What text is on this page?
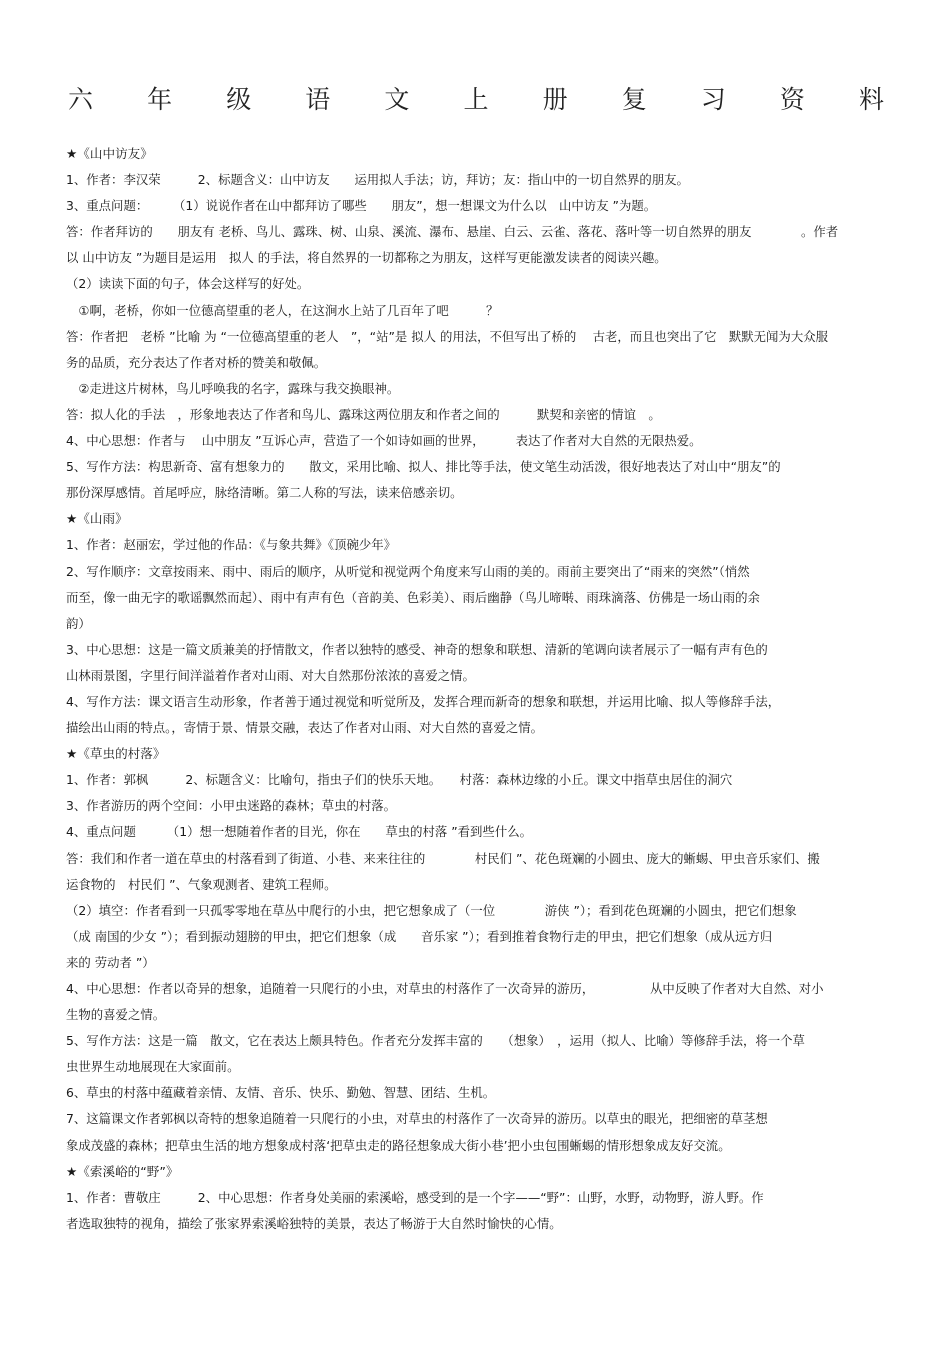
六 年 级 语 文 上 册 复 习 资 料
★《山中访友》
1、作者：李汉荣　　　2、标题含义：山中访友　　运用拟人手法；访，拜访；友：指山中的一切自然界的朋友。
3、重点问题：　　　（1）说说作者在山中都拜访了哪些　　朋友”，想一想课文为什么以　山中访友 ”为题。
答：作者拜访的　　朋友有 老桥、鸟儿、露珠、树、山泉、溪流、瀑布、悬崖、白云、云雀、落花、落叶等一切自然界的朋友　　　　。作者
以 山中访友 ”为题目是运用　拟人 的手法，将自然界的一切都称之为朋友，这样写更能激发读者的阅读兴趣。
（2）读读下面的句子，体会这样写的好处。
　①啊，老桥，你如一位德高望重的老人，在这涧水上站了几百年了吧　　　？
答：作者把　老桥 ”比喻 为 “一位德高望重的老人　”，“站”是 拟人 的用法，不但写出了桥的　 古老，而且也突出了它　默默无闻为大众服
务的品质，充分表达了作者对桥的赞美和敬佩。
　②走进这片树林，鸟儿呼唤我的名字，露珠与我交换眼神。
答：拟人化的手法　，形象地表达了作者和鸟儿、露珠这两位朋友和作者之间的　　　默契和亲密的情谊　。
4、中心思想：作者与　 山中朋友 ”互诉心声，营造了一个如诗如画的世界，　　　表达了作者对大自然的无限热爱。
5、写作方法：构思新奇、富有想象力的　　散文，采用比喻、拟人、排比等手法，使文笔生动活泼，很好地表达了对山中“朋友”的
那份深厚感情。首尾呼应，脉络清晰。第二人称的写法，读来倍感亲切。
★《山雨》
1、作者：赵丽宏，学过他的作品：《与象共舞》《顶碗少年》
2、写作顺序：文章按雨来、雨中、雨后的顺序，从听觉和视觉两个角度来写山雨的美的。雨前主要突出了“雨来的突然”（悄然
而至，像一曲无字的歌谣飘然而起）、雨中有声有色（音韵美、色彩美）、雨后幽静（鸟儿啼啭、雨珠滴落、仿佛是一场山雨的余
韵）
3、中心思想：这是一篇文质兼美的抒情散文，作者以独特的感受、神奇的想象和联想、清新的笔调向读者展示了一幅有声有色的
山林雨景图，字里行间洋溢着作者对山雨、对大自然那份浓浓的喜爱之情。
4、写作方法：课文语言生动形象，作者善于通过视觉和听觉所及，发挥合理而新奇的想象和联想，并运用比喻、拟人等修辞手法，
描绘出山雨的特点。，寄情于景、情景交融，表达了作者对山雨、对大自然的喜爱之情。
★《草虫的村落》
1、作者：郭枫　　　2、标题含义：比喻句，指虫子们的快乐天地。　　村落：森林边缘的小丘。课文中指草虫居住的洞穴
3、作者游历的两个空间：小甲虫迷路的森林；草虫的村落。
4、重点问题　　　（1）想一想随着作者的目光，你在　　草虫的村落 ”看到些什么。
答：我们和作者一道在草虫的村落看到了街道、小巷、来来往往的　　　　村民们 ”、花色斑斓的小圆虫、庞大的蜥蜴、甲虫音乐家们、搬
运食物的　村民们 ”、气象观测者、建筑工程师。
（2）填空：作者看到一只孤零零地在草丛中爬行的小虫，把它想象成了（一位　　　　游侠 ”）；看到花色斑斓的小圆虫，把它们想象
（成 南国的少女 ”）；看到振动翅膀的甲虫，把它们想象（成　　音乐家 ”）；看到推着食物行走的甲虫，把它们想象（成从远方归
来的 劳动者 ”）
4、中心思想：作者以奇异的想象，追随着一只爬行的小虫，对草虫的村落作了一次奇异的游历，　　　　　从中反映了作者对大自然、对小
生物的喜爱之情。
5、写作方法：这是一篇　散文，它在表达上颇具特色。作者充分发挥丰富的　　（想象）　，运用（拟人、比喻）等修辞手法，将一个草
虫世界生动地展现在大家面前。
6、草虫的村落中蕴藏着亲情、友情、音乐、快乐、勤勉、智慧、团结、生机。
7、这篇课文作者郭枫以奇特的想象追随着一只爬行的小虫，对草虫的村落作了一次奇异的游历。以草虫的眼光，把细密的草茎想
象成茂盛的森林；把草虫生活的地方想象成村落‘把草虫走的路径想象成大街小巷’把小虫包围蜥蜴的情形想象成友好交流。
★《索溪峪的“野”》
1、作者：曹敬庄　　　2、中心思想：作者身处美丽的索溪峪，感受到的是一个字——“野”：山野，水野，动物野，游人野。作
者选取独特的视角，描绘了张家界索溪峪独特的美景，表达了畅游于大自然时愉快的心情。
